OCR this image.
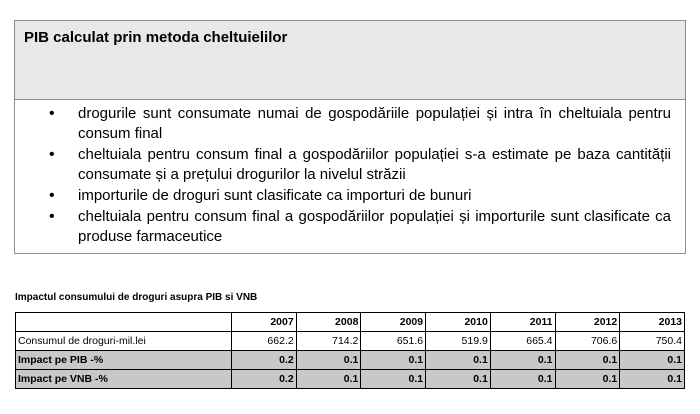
PIB calculat prin metoda cheltuielilor
• drogurile sunt consumate numai de gospodăriile populației și intra în cheltuiala pentru consum final
• cheltuiala pentru consum final a gospodăriilor populației s-a estimate pe baza cantității consumate și a prețului drogurilor la nivelul străzii
• importurile de droguri sunt clasificate ca importuri de bunuri
• cheltuiala pentru consum final a gospodăriilor populației și importurile sunt clasificate ca produse farmaceutice
Impactul consumului de droguri asupra PIB si VNB
	2007	2008	2009	2010	2011	2012	2013
Consumul de droguri-mil.lei	662.2	714.2	651.6	519.9	665.4	706.6	750.4
Impact pe PIB -%	0.2	0.1	0.1	0.1	0.1	0.1	0.1
Impact pe VNB -%	0.2	0.1	0.1	0.1	0.1	0.1	0.1
